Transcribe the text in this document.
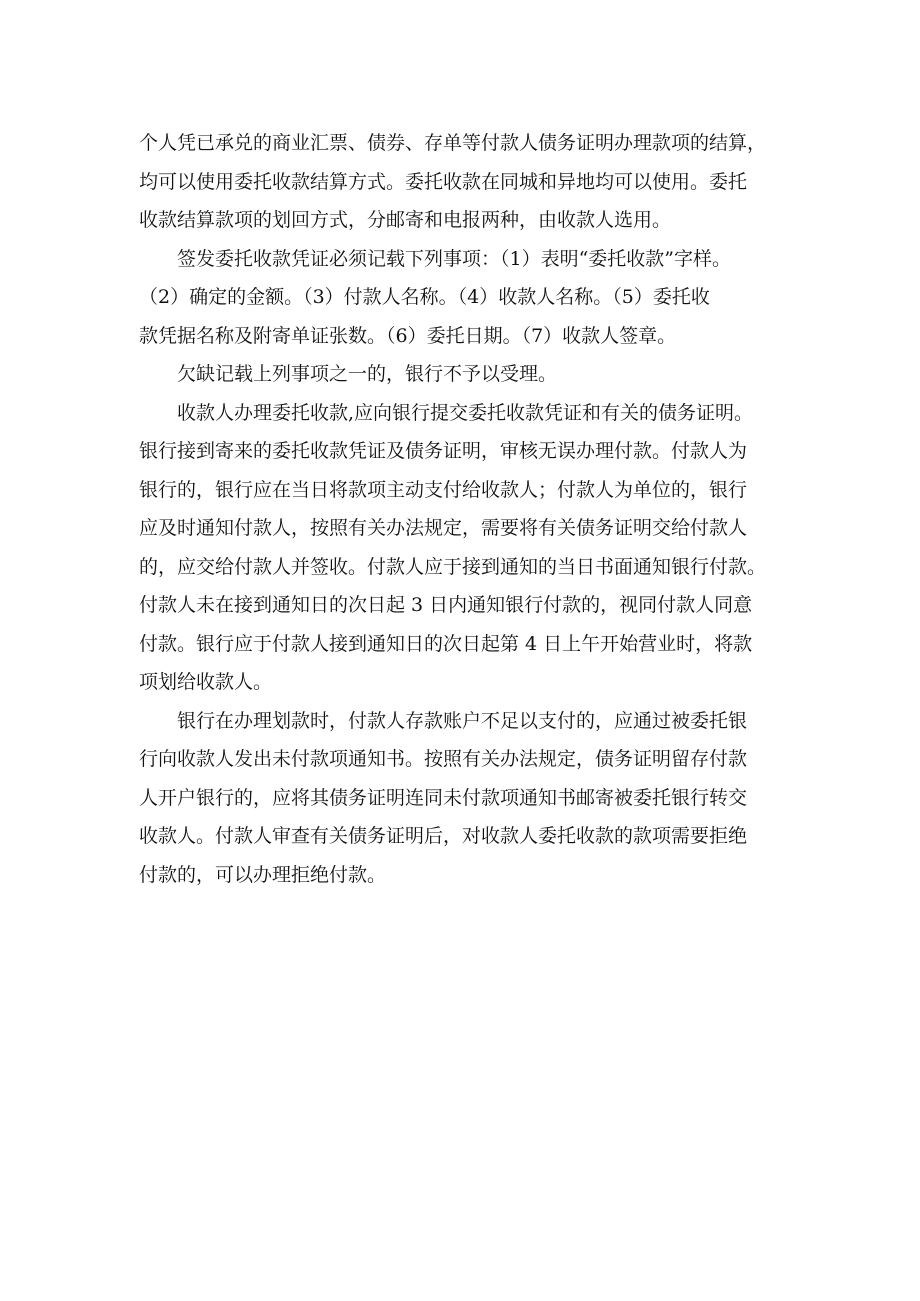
个人凭已承兑的商业汇票、债券、存单等付款人债务证明办理款项的结算，
均可以使用委托收款结算方式。委托收款在同城和异地均可以使用。委托
收款结算款项的划回方式，分邮寄和电报两种，由收款人选用。

签发委托收款凭证必须记载下列事项：（1）表明“委托收款”字样。
（2）确定的金额。（3）付款人名称。（4）收款人名称。（5）委托收
款凭据名称及附寄单证张数。（6）委托日期。（7）收款人签章。

欠缺记载上列事项之一的，银行不予以受理。

收款人办理委托收款,应向银行提交委托收款凭证和有关的债务证明。
银行接到寄来的委托收款凭证及债务证明，审核无误办理付款。付款人为
银行的，银行应在当日将款项主动支付给收款人；付款人为单位的，银行
应及时通知付款人，按照有关办法规定，需要将有关债务证明交给付款人
的，应交给付款人并签收。付款人应于接到通知的当日书面通知银行付款。
付款人未在接到通知日的次日起 3 日内通知银行付款的，视同付款人同意
付款。银行应于付款人接到通知日的次日起第 4 日上午开始营业时，将款
项划给收款人。

银行在办理划款时，付款人存款账户不足以支付的，应通过被委托银
行向收款人发出未付款项通知书。按照有关办法规定，债务证明留存付款
人开户银行的，应将其债务证明连同未付款项通知书邮寄被委托银行转交
收款人。付款人审查有关债务证明后，对收款人委托收款的款项需要拒绝
付款的，可以办理拒绝付款。
